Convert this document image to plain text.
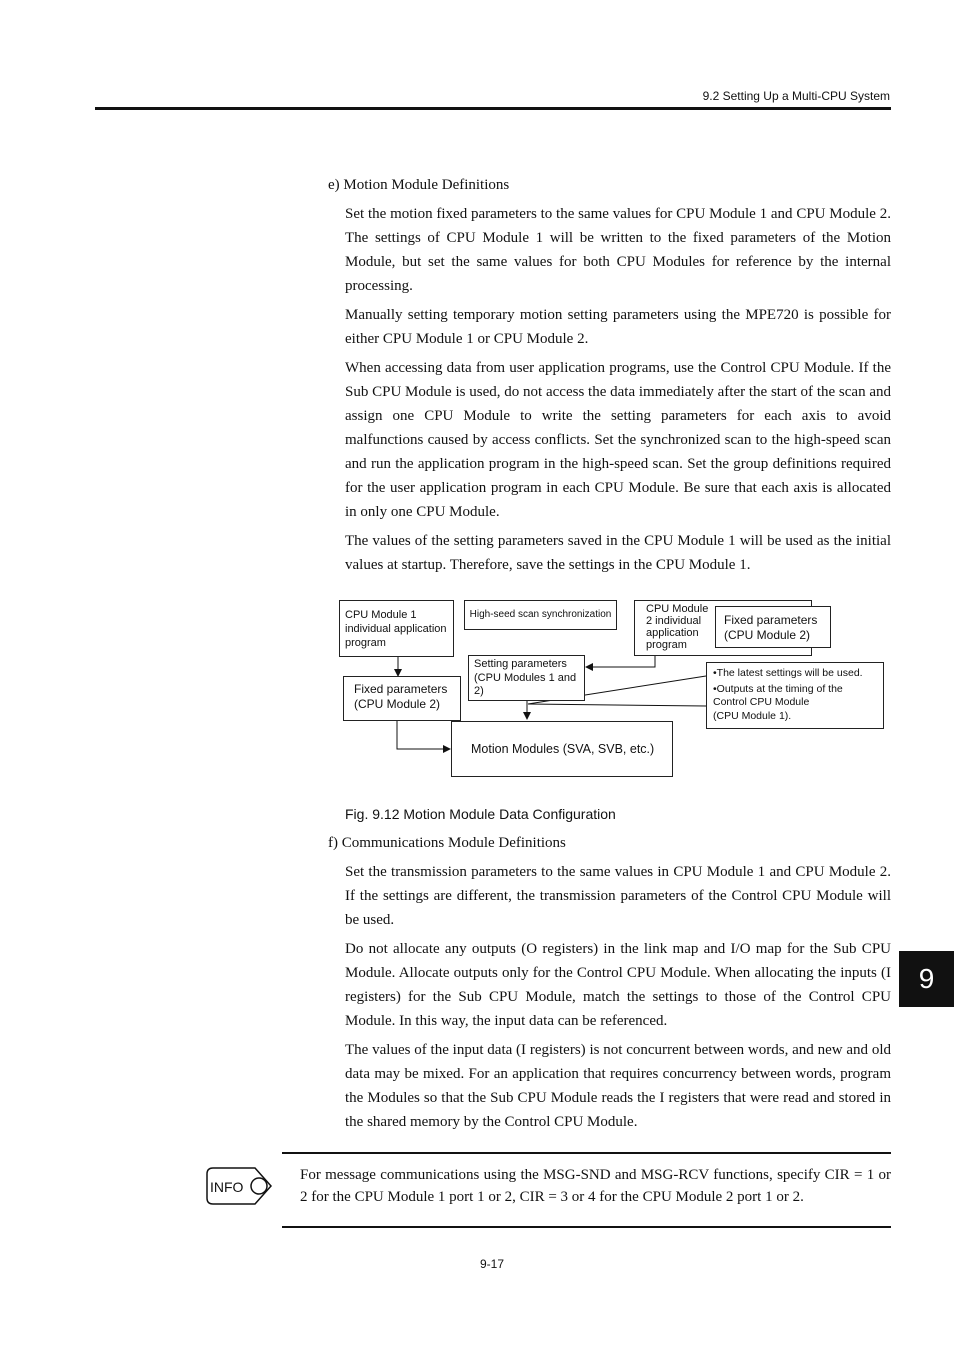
9.2 Setting Up a Multi-CPU System
e) Motion Module Definitions

Set the motion fixed parameters to the same values for CPU Module 1 and CPU Module 2. The settings of CPU Module 1 will be written to the fixed parameters of the Motion Module, but set the same values for both CPU Modules for reference by the internal processing.

Manually setting temporary motion setting parameters using the MPE720 is possible for either CPU Module 1 or CPU Module 2.

When accessing data from user application programs, use the Control CPU Module. If the Sub CPU Module is used, do not access the data immediately after the start of the scan and assign one CPU Module to write the setting parameters for each axis to avoid malfunctions caused by access conflicts. Set the synchronized scan to the high-speed scan and run the application program in the high-speed scan. Set the group definitions required for the user application program in each CPU Module. Be sure that each axis is allocated in only one CPU Module.

The values of the setting parameters saved in the CPU Module 1 will be used as the initial values at startup. Therefore, save the settings in the CPU Module 1.

CPU Module 1
individual application
program
High-seed scan synchronization	CPU Module
2 individual
application
program
Fixed parameters
(CPU Module 2)
Setting parameters
(CPU Modules 1 and
2)
Fixed parameters
(CPU Module 2)
•The latest settings will be used.
•Outputs at the timing of the
Control CPU Module
(CPU Module 1).
Motion Modules (SVA, SVB, etc.)
Fig. 9.12 Motion Module Data Configuration
f) Communications Module Definitions

Set the transmission parameters to the same values in CPU Module 1 and CPU Module 2. If the settings are different, the transmission parameters of the Control CPU Module will be used.

Do not allocate any outputs (O registers) in the link map and I/O map for the Sub CPU Module. Allocate outputs only for the Control CPU Module. When allocating the inputs (I registers) for the Sub CPU Module, match the settings to those of the Control CPU Module. In this way, the input data can be referenced.

The values of the input data (I registers) is not concurrent between words, and new and old data may be mixed. For an application that requires concurrency between words, program the Modules so that the Sub CPU Module reads the I registers that were read and stored in the shared memory by the Control CPU Module.

9
INFO

For message communications using the MSG-SND and MSG-RCV functions, specify CIR = 1 or 2 for the CPU Module 1 port 1 or 2, CIR = 3 or 4 for the CPU Module 2 port 1 or 2.

9-17
